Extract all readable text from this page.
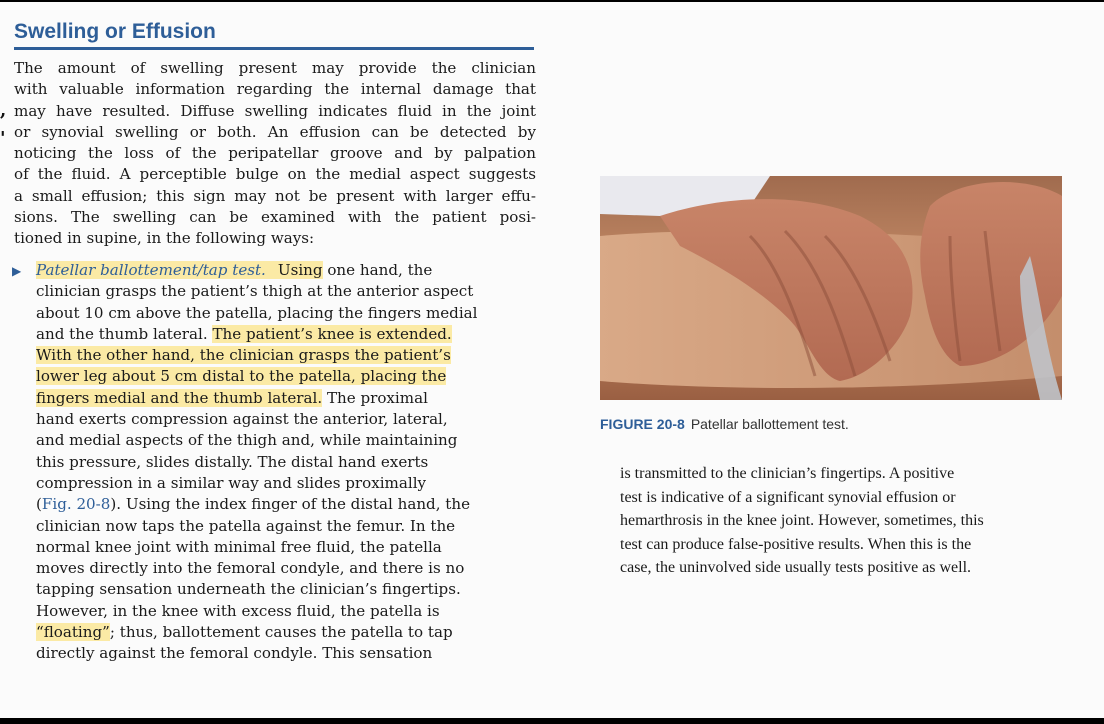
,
'
Swelling or Effusion

The amount of swelling present may provide the clinician
with valuable information regarding the internal damage that
may have resulted. Diffuse swelling indicates fluid in the joint
or synovial swelling or both. An effusion can be detected by
noticing the loss of the peripatellar groove and by palpation
of the fluid. A perceptible bulge on the medial aspect suggests
a small effusion; this sign may not be present with larger effu-
sions. The swelling can be examined with the patient posi-
tioned in supine, in the following ways:

▶ Patellar ballottement/tap test. Using one hand, the
clinician grasps the patient’s thigh at the anterior aspect
about 10 cm above the patella, placing the fingers medial
and the thumb lateral. The patient’s knee is extended.
With the other hand, the clinician grasps the patient’s
lower leg about 5 cm distal to the patella, placing the
fingers medial and the thumb lateral. The proximal
hand exerts compression against the anterior, lateral,
and medial aspects of the thigh and, while maintaining
this pressure, slides distally. The distal hand exerts
compression in a similar way and slides proximally
(Fig. 20-8). Using the index finger of the distal hand, the
clinician now taps the patella against the femur. In the
normal knee joint with minimal free fluid, the patella
moves directly into the femoral condyle, and there is no
tapping sensation underneath the clinician’s fingertips.
However, in the knee with excess fluid, the patella is
“floating”; thus, ballottement causes the patella to tap
directly against the femoral condyle. This sensation

FIGURE 20-8 Patellar ballottement test.

is transmitted to the clinician’s fingertips. A positive
test is indicative of a significant synovial effusion or
hemarthrosis in the knee joint. However, sometimes, this
test can produce false-positive results. When this is the
case, the uninvolved side usually tests positive as well.
